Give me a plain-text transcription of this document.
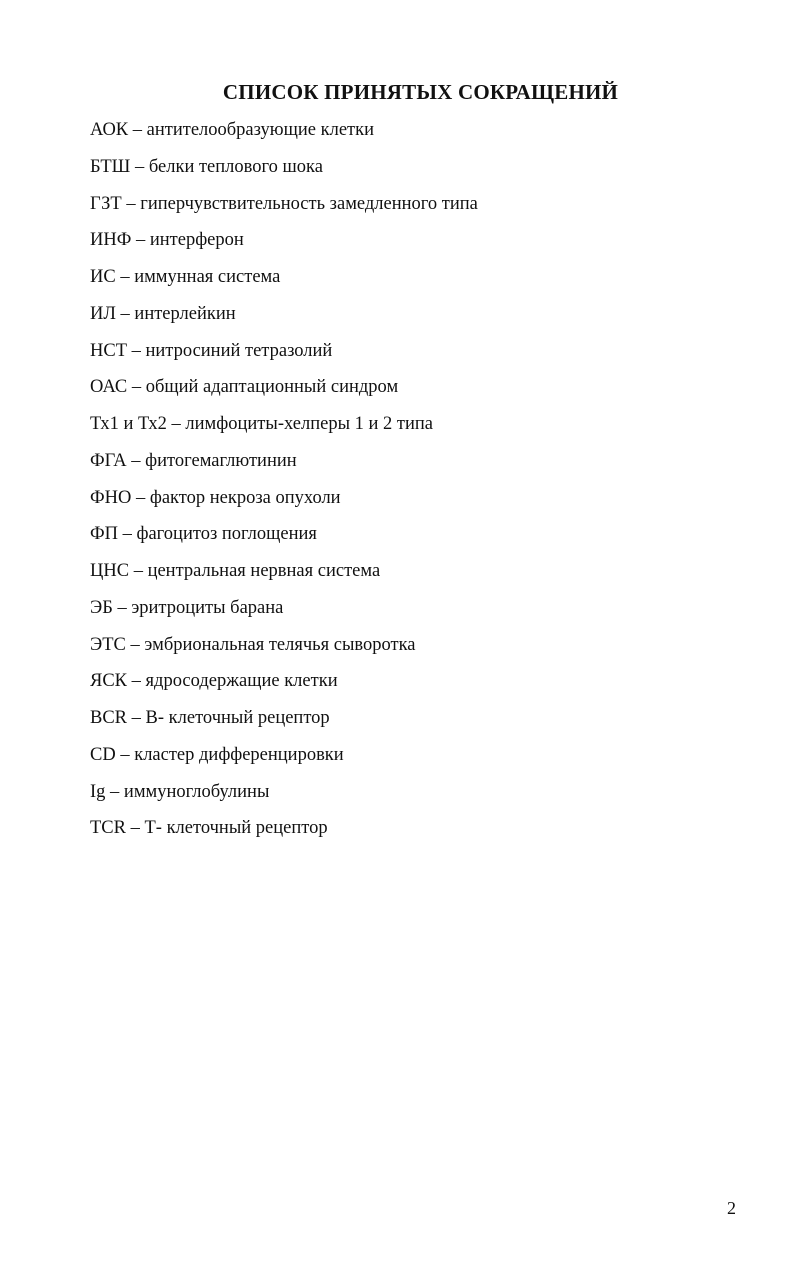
СПИСОК ПРИНЯТЫХ СОКРАЩЕНИЙ
АОК – антителообразующие клетки
БТШ – белки теплового шока
ГЗТ – гиперчувствительность замедленного типа
ИНФ – интерферон
ИС – иммунная система
ИЛ – интерлейкин
НСТ – нитросиний тетразолий
ОАС – общий адаптационный синдром
Тх1 и Тх2 – лимфоциты-хелперы 1 и 2 типа
ФГА – фитогемаглютинин
ФНО – фактор некроза опухоли
ФП – фагоцитоз поглощения
ЦНС – центральная нервная система
ЭБ – эритроциты барана
ЭТС – эмбриональная телячья сыворотка
ЯСК – ядросодержащие клетки
BCR – В- клеточный рецептор
CD – кластер дифференцировки
Ig – иммуноглобулины
TCR – Т- клеточный рецептор
2
